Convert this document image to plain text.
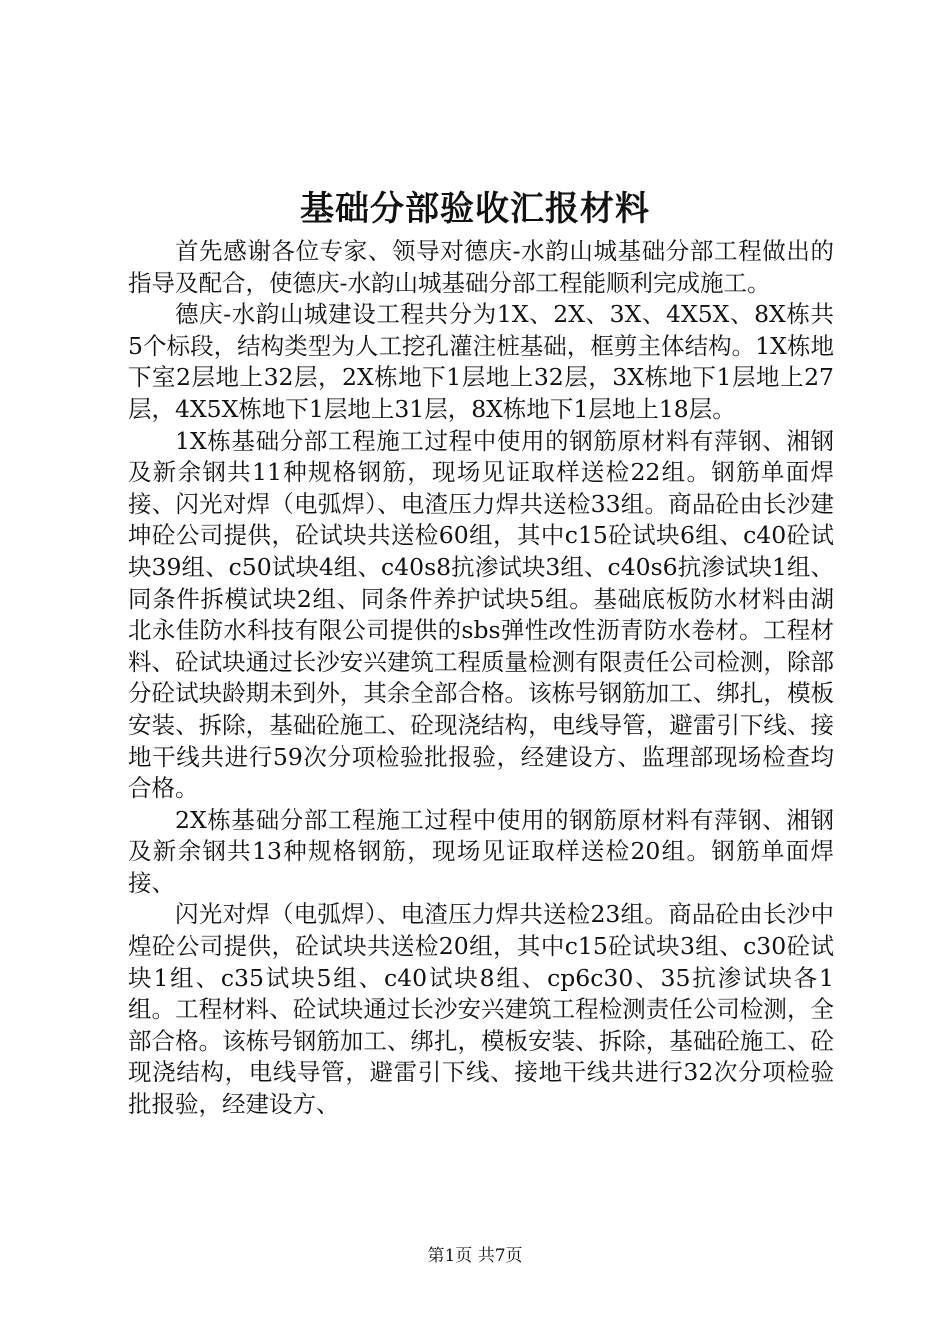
基础分部验收汇报材料

首先感谢各位专家、领导对德庆-水韵山城基础分部工程做出的指导及配合，使德庆-水韵山城基础分部工程能顺利完成施工。

德庆-水韵山城建设工程共分为1X、2X、3X、4X5X、8X栋共5个标段，结构类型为人工挖孔灌注桩基础，框剪主体结构。1X栋地下室2层地上32层，2X栋地下1层地上32层，3X栋地下1层地上27层，4X5X栋地下1层地上31层，8X栋地下1层地上18层。

1X栋基础分部工程施工过程中使用的钢筋原材料有萍钢、湘钢及新余钢共11种规格钢筋，现场见证取样送检22组。钢筋单面焊接、闪光对焊（电弧焊）、电渣压力焊共送检33组。商品砼由长沙建坤砼公司提供，砼试块共送检60组，其中c15砼试块6组、c40砼试块39组、c50试块4组、c40s8抗渗试块3组、c40s6抗渗试块1组、同条件拆模试块2组、同条件养护试块5组。基础底板防水材料由湖北永佳防水科技有限公司提供的sbs弹性改性沥青防水卷材。工程材料、砼试块通过长沙安兴建筑工程质量检测有限责任公司检测，除部分砼试块龄期未到外，其余全部合格。该栋号钢筋加工、绑扎，模板安装、拆除，基础砼施工、砼现浇结构，电线导管，避雷引下线、接地干线共进行59次分项检验批报验，经建设方、监理部现场检查均合格。

2X栋基础分部工程施工过程中使用的钢筋原材料有萍钢、湘钢及新余钢共13种规格钢筋，现场见证取样送检20组。钢筋单面焊接、

闪光对焊（电弧焊）、电渣压力焊共送检23组。商品砼由长沙中煌砼公司提供，砼试块共送检20组，其中c15砼试块3组、c30砼试块1组、c35试块5组、c40试块8组、cp6c30、35抗渗试块各1组。工程材料、砼试块通过长沙安兴建筑工程检测责任公司检测，全部合格。该栋号钢筋加工、绑扎，模板安装、拆除，基础砼施工、砼现浇结构，电线导管，避雷引下线、接地干线共进行32次分项检验批报验，经建设方、

第1页 共7页
